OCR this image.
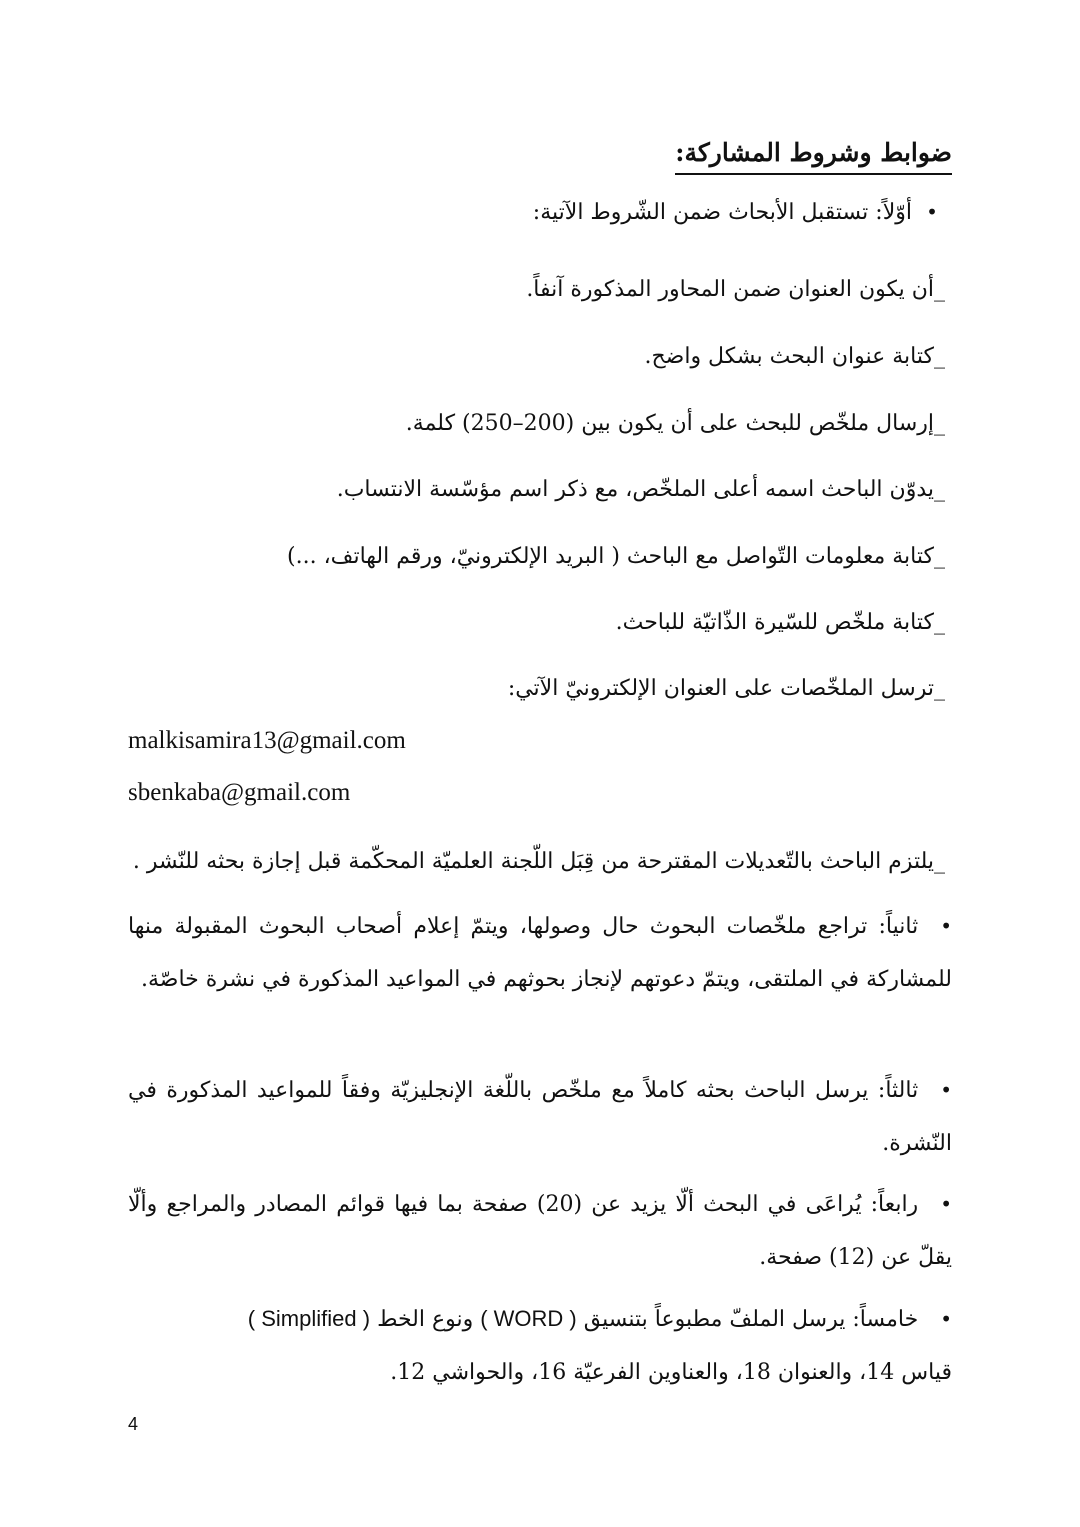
ضوابط وشروط المشاركة:
•أوّلاً: تستقبل الأبحاث ضمن الشّروط الآتية:
_أن يكون العنوان ضمن المحاور المذكورة آنفاً.
_كتابة عنوان البحث بشكل واضح.
_إرسال ملخّص للبحث على أن يكون بين (200–250) كلمة.
_يدوّن الباحث اسمه أعلى الملخّص، مع ذكر اسم مؤسّسة الانتساب.
_كتابة معلومات التّواصل مع الباحث ( البريد الإلكترونيّ، ورقم الهاتف، ...)
_كتابة ملخّص للسّيرة الذّاتيّة للباحث.
_ترسل الملخّصات على العنوان الإلكترونيّ الآتي:
malkisamira13@gmail.com
sbenkaba@gmail.com
_يلتزم الباحث بالتّعديلات المقترحة من قِبَل اللّجنة العلميّة المحكّمة قبل إجازة بحثه للنّشر .
•ثانياً: تراجع ملخّصات البحوث حال وصولها، ويتمّ إعلام أصحاب البحوث المقبولة منها للمشاركة في الملتقى، ويتمّ دعوتهم لإنجاز بحوثهم في المواعيد المذكورة في نشرة خاصّة.
•ثالثاً: يرسل الباحث بحثه كاملاً مع ملخّص باللّغة الإنجليزيّة وفقاً للمواعيد المذكورة في النّشرة.
•رابعاً: يُراعَى في البحث ألّا يزيد عن (20) صفحة بما فيها قوائم المصادر والمراجع وألّا يقلّ عن (12) صفحة.
•خامساً: يرسل الملفّ مطبوعاً بتنسيق ( WORD ) ونوع الخط ( Simplified )
قياس 14، والعنوان 18، والعناوين الفرعيّة 16، والحواشي 12.
4
